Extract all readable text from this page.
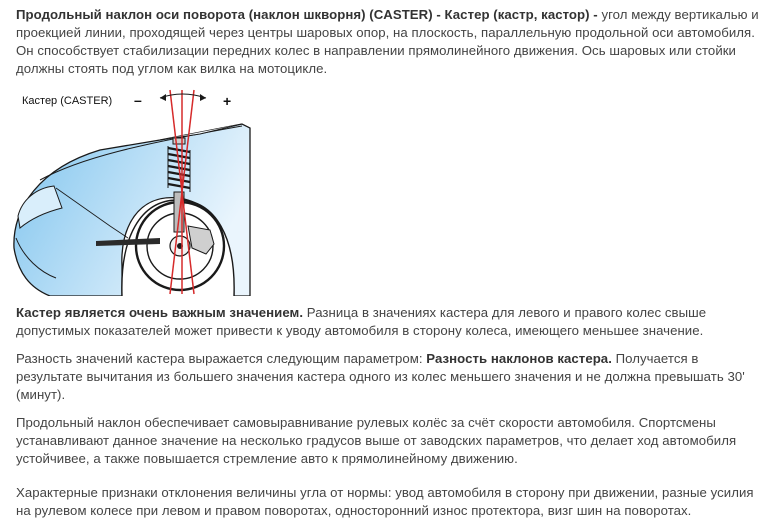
Продольный наклон оси поворота (наклон шкворня) (CASTER) - Кастер (кастр, кастор) - угол между вертикалью и проекцией линии, проходящей через центры шаровых опор, на плоскость, параллельную продольной оси автомобиля. Он способствует стабилизации передних колес в направлении прямолинейного движения. Ось шаровых или стойки должны стоять под углом как вилка на мотоцикле.

Кастер (CASTER) –	+

Кастер является очень важным значением. Разница в значениях кастера для левого и правого колес свыше допустимых показателей может привести к уводу автомобиля в сторону колеса, имеющего меньшее значение.

Разность значений кастера выражается следующим параметром: Разность наклонов кастера. Получается в результате вычитания из большего значения кастера одного из колес меньшего значения и не должна превышать 30' (минут).

Продольный наклон обеспечивает самовыравнивание рулевых колёс за счёт скорости автомобиля. Спортсмены устанавливают данное значение на несколько градусов выше от заводских параметров, что делает ход автомобиля устойчивее, а также повышается стремление авто к прямолинейному движению.

Характерные признаки отклонения величины угла от нормы: увод автомобиля в сторону при движении, разные усилия на рулевом колесе при левом и правом поворотах, односторонний износ протектора, визг шин на поворотах.
